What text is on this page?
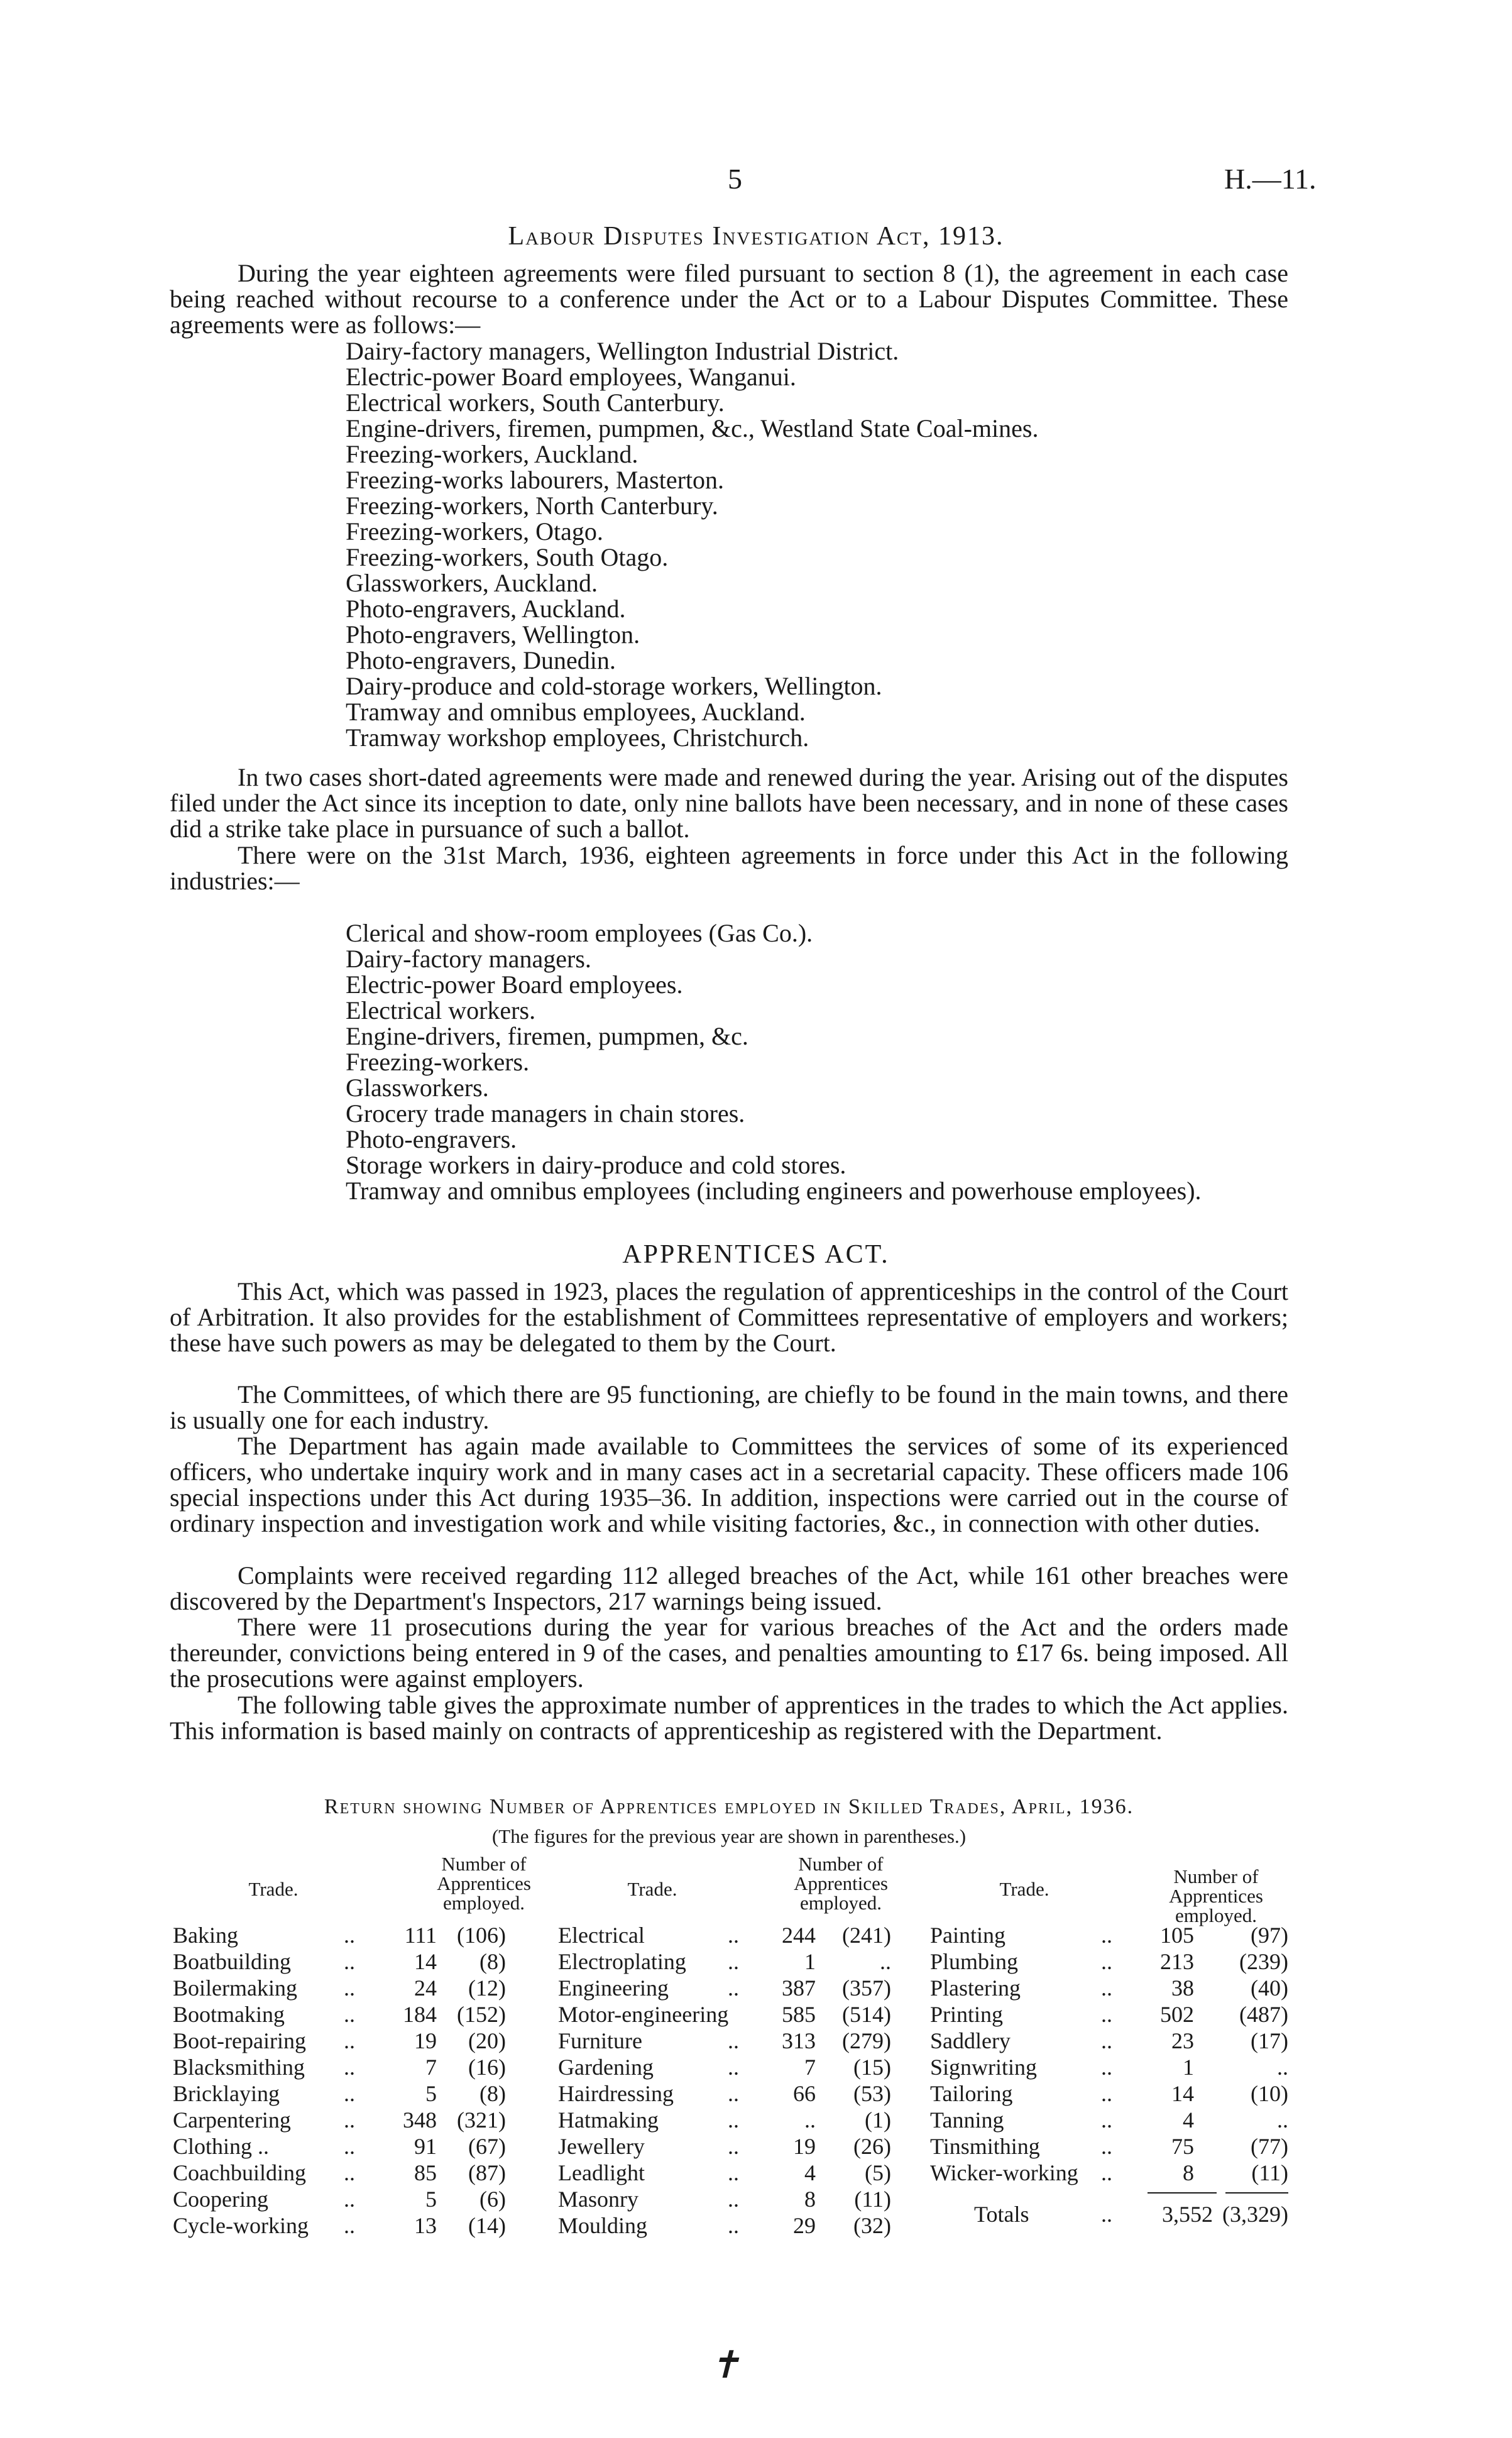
5	H.—11.
Labour Disputes Investigation Act, 1913.

During the year eighteen agreements were filed pursuant to section 8 (1), the agreement in each case being reached without recourse to a conference under the Act or to a Labour Disputes Committee. These agreements were as follows:—

Dairy-factory managers, Wellington Industrial District.
Electric-power Board employees, Wanganui.
Electrical workers, South Canterbury.
Engine-drivers, firemen, pumpmen, &c., Westland State Coal-mines.
Freezing-workers, Auckland.
Freezing-works labourers, Masterton.
Freezing-workers, North Canterbury.
Freezing-workers, Otago.
Freezing-workers, South Otago.
Glassworkers, Auckland.
Photo-engravers, Auckland.
Photo-engravers, Wellington.
Photo-engravers, Dunedin.
Dairy-produce and cold-storage workers, Wellington.
Tramway and omnibus employees, Auckland.
Tramway workshop employees, Christchurch.

In two cases short-dated agreements were made and renewed during the year. Arising out of the disputes filed under the Act since its inception to date, only nine ballots have been necessary, and in none of these cases did a strike take place in pursuance of such a ballot.

There were on the 31st March, 1936, eighteen agreements in force under this Act in the following industries:—

Clerical and show-room employees (Gas Co.).
Dairy-factory managers.
Electric-power Board employees.
Electrical workers.
Engine-drivers, firemen, pumpmen, &c.
Freezing-workers.
Glassworkers.
Grocery trade managers in chain stores.
Photo-engravers.
Storage workers in dairy-produce and cold stores.
Tramway and omnibus employees (including engineers and powerhouse employees).
APPRENTICES ACT.

This Act, which was passed in 1923, places the regulation of apprenticeships in the control of the Court of Arbitration. It also provides for the establishment of Committees representative of employers and workers; these have such powers as may be delegated to them by the Court.

The Committees, of which there are 95 functioning, are chiefly to be found in the main towns, and there is usually one for each industry.

The Department has again made available to Committees the services of some of its experienced officers, who undertake inquiry work and in many cases act in a secretarial capacity. These officers made 106 special inspections under this Act during 1935–36. In addition, inspections were carried out in the course of ordinary inspection and investigation work and while visiting factories, &c., in connection with other duties.

Complaints were received regarding 112 alleged breaches of the Act, while 161 other breaches were discovered by the Department's Inspectors, 217 warnings being issued.

There were 11 prosecutions during the year for various breaches of the Act and the orders made thereunder, convictions being entered in 9 of the cases, and penalties amounting to £17 6s. being imposed. All the prosecutions were against employers.

The following table gives the approximate number of apprentices in the trades to which the Act applies. This information is based mainly on contracts of apprenticeship as registered with the Department.

Return showing Number of Apprentices employed in Skilled Trades, April, 1936.
(The figures for the previous year are shown in parentheses.)
Trade.
Number of Apprentices employed.
Baking	..	111 (106)
Boatbuilding ..	14	(8)
Boilermaking ..	24	(12)
Bootmaking	..	184 (152)
Boot-repairing ..	19	(20)
Blacksmithing ..	7	(16)
Bricklaying	..	5	(8)
Carpentering ..	348 (321)
Clothing ..	..	91	(67)
Coachbuilding ..	85	(87)
Coopering	..	5	(6)
Cycle-working ..	13	(14)
Trade.
Number of Apprentices employed.
Electrical	..	244	(241)
Electroplating ..	1	..
Engineering	..	387	(357)
Motor-engineering	585	(514)
Furniture	..	313	(279)
Gardening	..	7	(15)
Hairdressing ..	66	(53)
Hatmaking	..	..	(1)
Jewellery	..	19	(26)
Leadlight	..	4	(5)
Masonry	..	8	(11)
Moulding	..	29	(32)
Trade.
Number of Apprentices employed.
Painting	..	105	(97)
Plumbing	..	213	(239)
Plastering	..	38	(40)
Printing	..	502	(487)
Saddlery	..	23	(17)
Signwriting	..	1	..
Tailoring	..	14	(10)
Tanning	..	4	..
Tinsmithing	..	75	(77)
Wicker-working ..	8	(11)
Totals	..	3,552 (3,329)
✝
